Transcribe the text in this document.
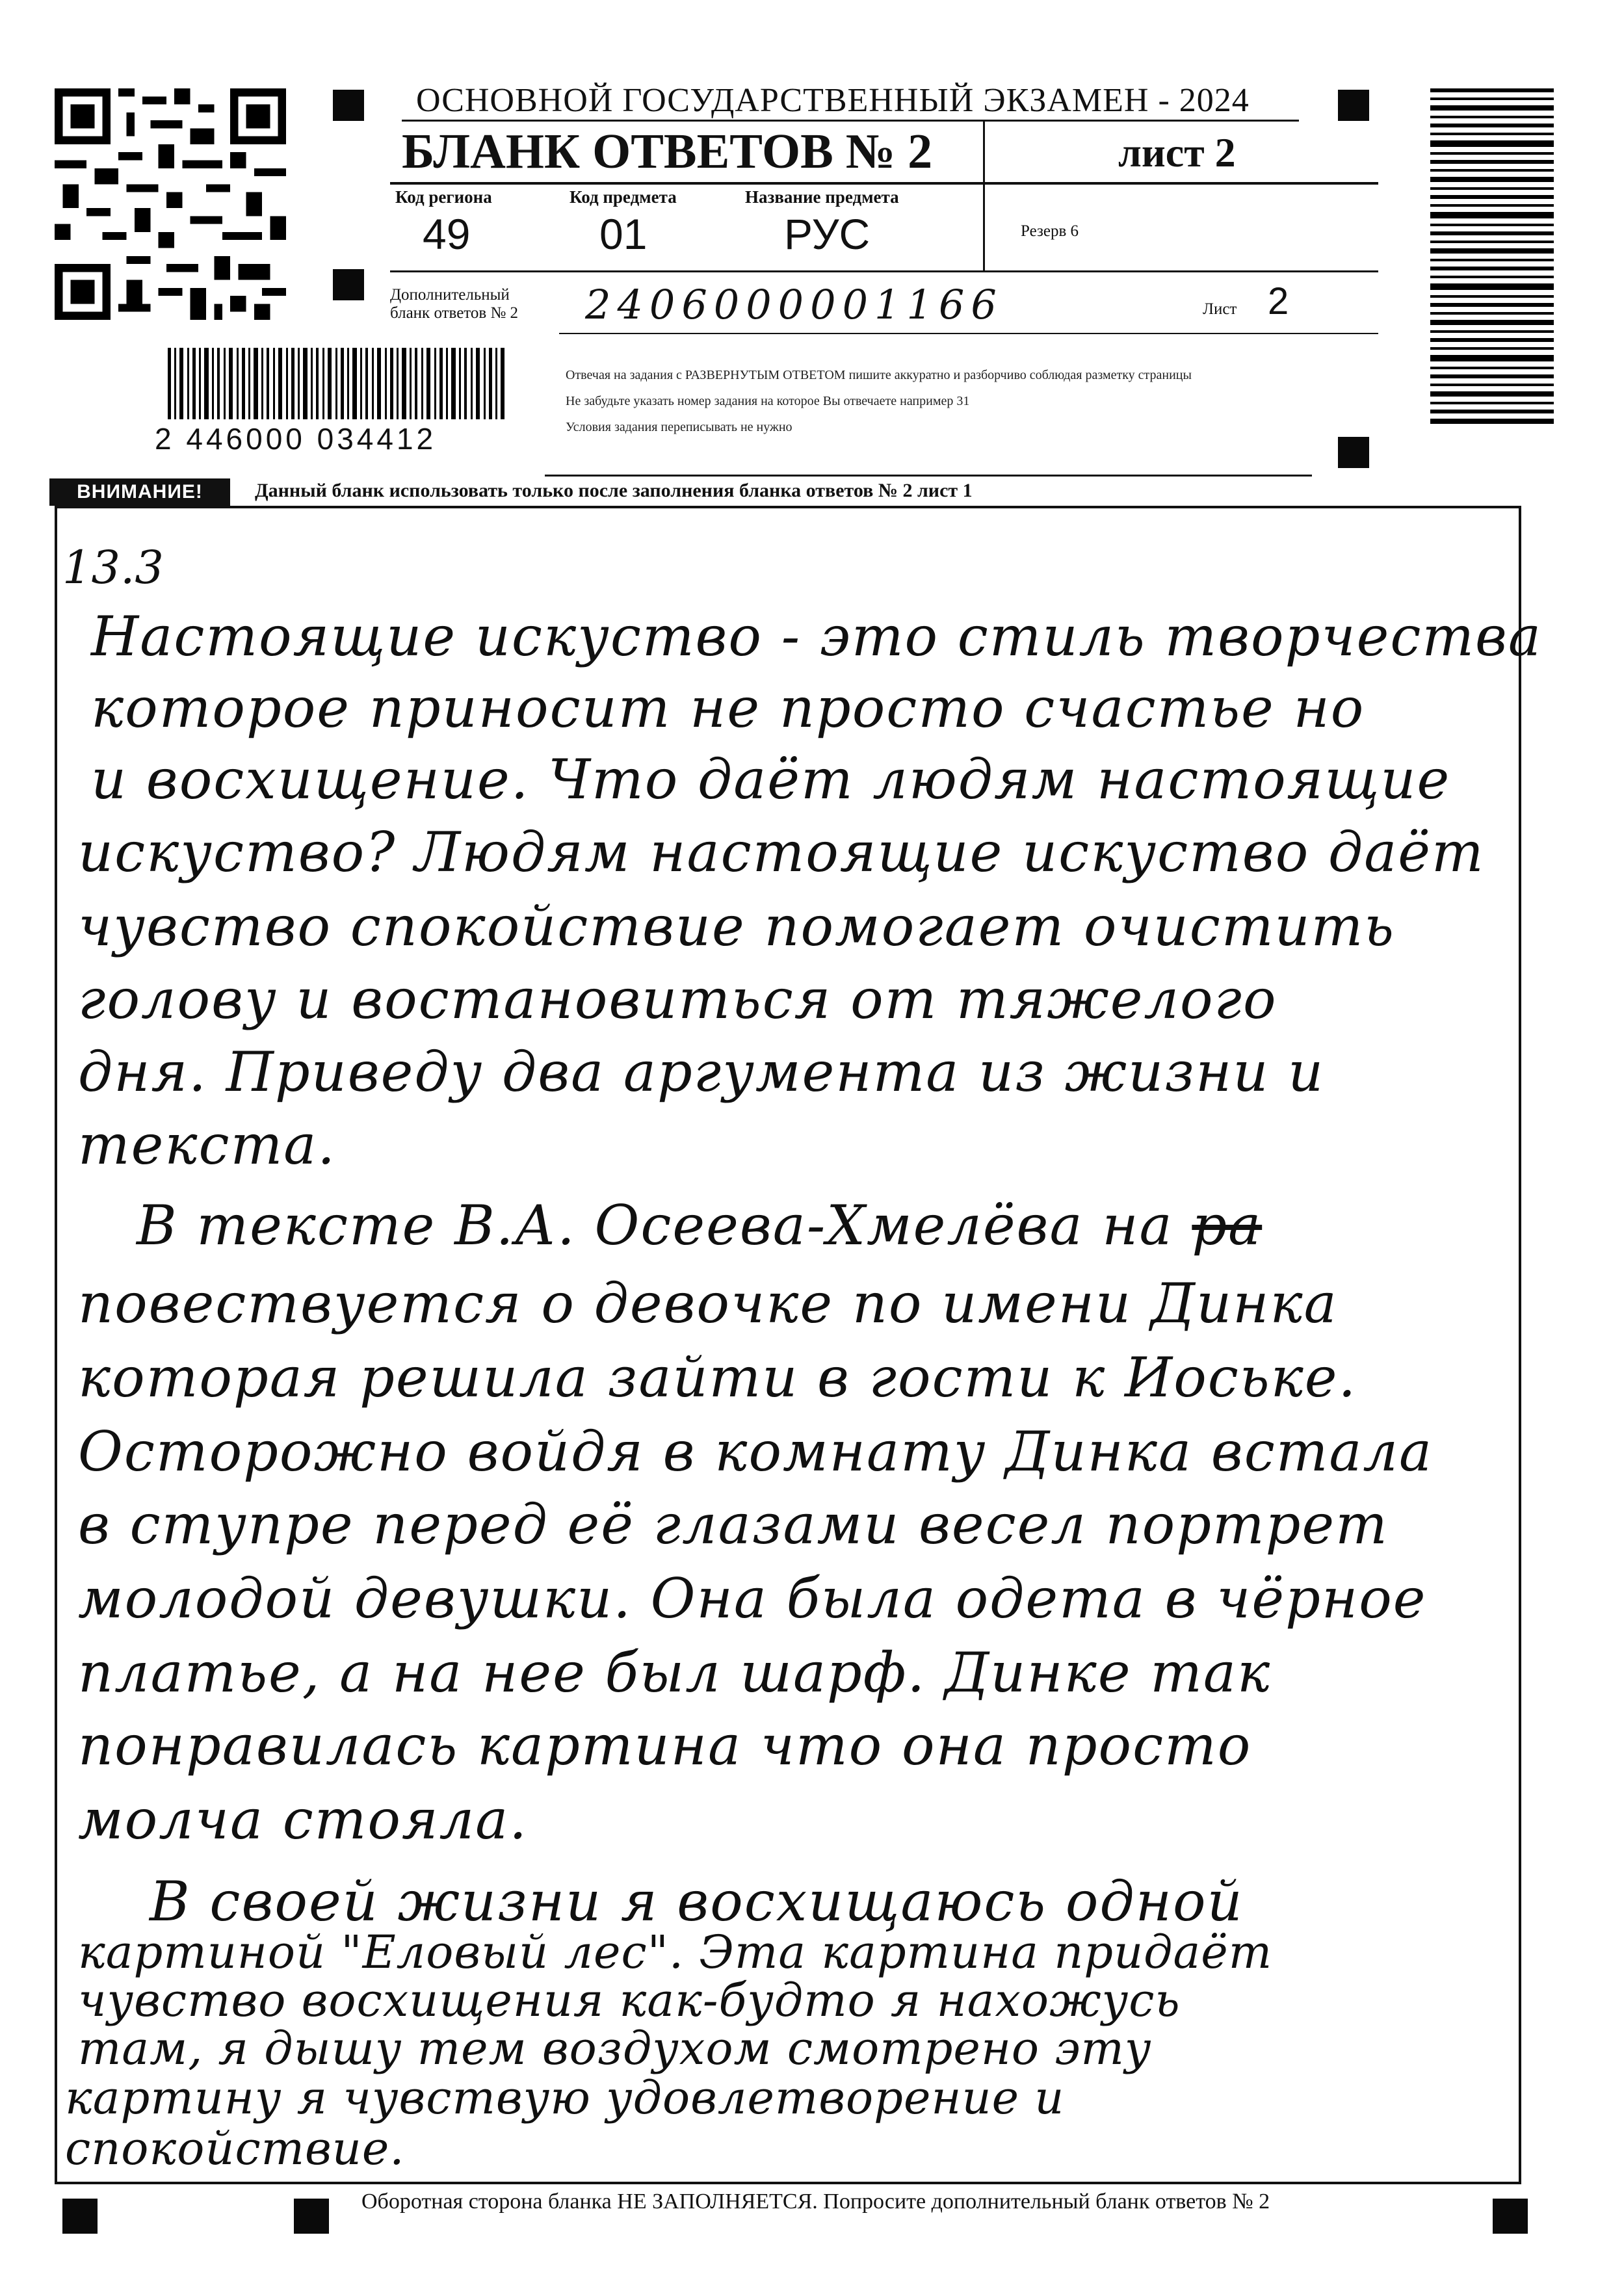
2 446000 034412
ОСНОВНОЙ ГОСУДАРСТВЕННЫЙ ЭКЗАМЕН - 2024
БЛАНК ОТВЕТОВ № 2	лист 2
Код региона
49
Код предмета
01
Название предмета
РУС	Резерв 6
Дополнительный
бланк ответов № 2 2406000001166	Лист 2
Отвечая на задания с РАЗВЕРНУТЫМ ОТВЕТОМ пишите аккуратно и разборчиво соблюдая разметку страницы
Не забудьте указать номер задания на которое Вы отвечаете например 31
Условия задания переписывать не нужно
ВНИМАНИЕ!	Данный бланк использовать только после заполнения бланка ответов № 2 лист 1
13.3
Настоящие искуство - это стиль творчества
которое приносит не просто счастье но
и восхищение. Что даёт людям настоящие
искуство? Людям настоящие искуство даёт
чувство спокойствие помогает очистить
голову и востановиться от тяжелого
дня. Приведу два аргумента из жизни и
текста.
В тексте В.А. Осеева-Хмелёва на ра
повествуется о девочке по имени Динка
которая решила зайти в гости к Иоське.
Осторожно войдя в комнату Динка встала
в ступре перед её глазами весел портрет
молодой девушки. Она была одета в чёрное
платье, а на нее был шарф. Динке так
понравилась картина что она просто
молча стояла.
В своей жизни я восхищаюсь одной
картиной "Еловый лес". Эта картина придаёт
чувство восхищения как-будто я нахожусь
там, я дышу тем воздухом смотрено эту
картину я чувствую удовлетворение и
спокойствие.
Оборотная сторона бланка НЕ ЗАПОЛНЯЕТСЯ. Попросите дополнительный бланк ответов № 2
